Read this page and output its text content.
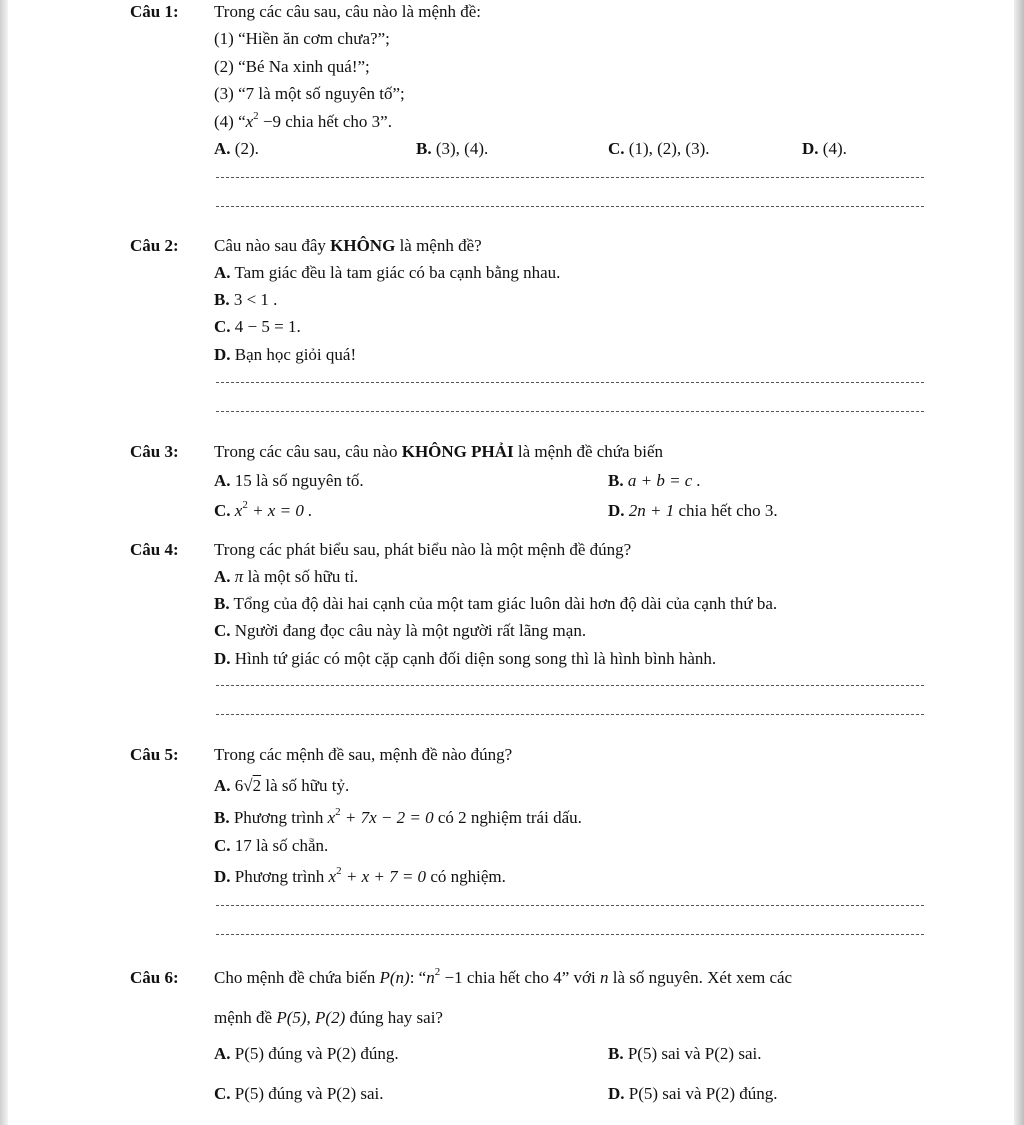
Câu 1: Trong các câu sau, câu nào là mệnh đề:
(1) “Hiền ăn cơm chưa?”;
(2) “Bé Na xinh quá!”;
(3) “7 là một số nguyên tố”;
(4) “$x^2 -9$ chia hết cho 3”.
A. (2).	B. (3), (4).	C. (1), (2), (3).	D. (4).
Câu 2: Câu nào sau đây KHÔNG là mệnh đề?
A. Tam giác đều là tam giác có ba cạnh bằng nhau.
B. 3 < 1 .
C. 4 − 5 = 1.
D. Bạn học giỏi quá!
Câu 3: Trong các câu sau, câu nào KHÔNG PHẢI là mệnh đề chứa biến
A. 15 là số nguyên tố.	B. a + b = c .
C. $x^2 + x = 0$ .	D. 2n + 1 chia hết cho 3.
Câu 4: Trong các phát biểu sau, phát biểu nào là một mệnh đề đúng?
A. π là một số hữu tỉ.
B. Tổng của độ dài hai cạnh của một tam giác luôn dài hơn độ dài của cạnh thứ ba.
C. Người đang đọc câu này là một người rất lãng mạn.
D. Hình tứ giác có một cặp cạnh đối diện song song thì là hình bình hành.
Câu 5: Trong các mệnh đề sau, mệnh đề nào đúng?
A. 6√2 là số hữu tỷ.
B. Phương trình $x^2 + 7x - 2 = 0$ có 2 nghiệm trái dấu.
C. 17 là số chẵn.
D. Phương trình $x^2 + x + 7 = 0$ có nghiệm.
Câu 6: Cho mệnh đề chứa biến P(n): “$n^2 -1$ chia hết cho 4” với n là số nguyên. Xét xem các
mệnh đề P(5), P(2) đúng hay sai?
A. P(5) đúng và P(2) đúng.	B. P(5) sai và P(2) sai.
C. P(5) đúng và P(2) sai.	D. P(5) sai và P(2) đúng.
